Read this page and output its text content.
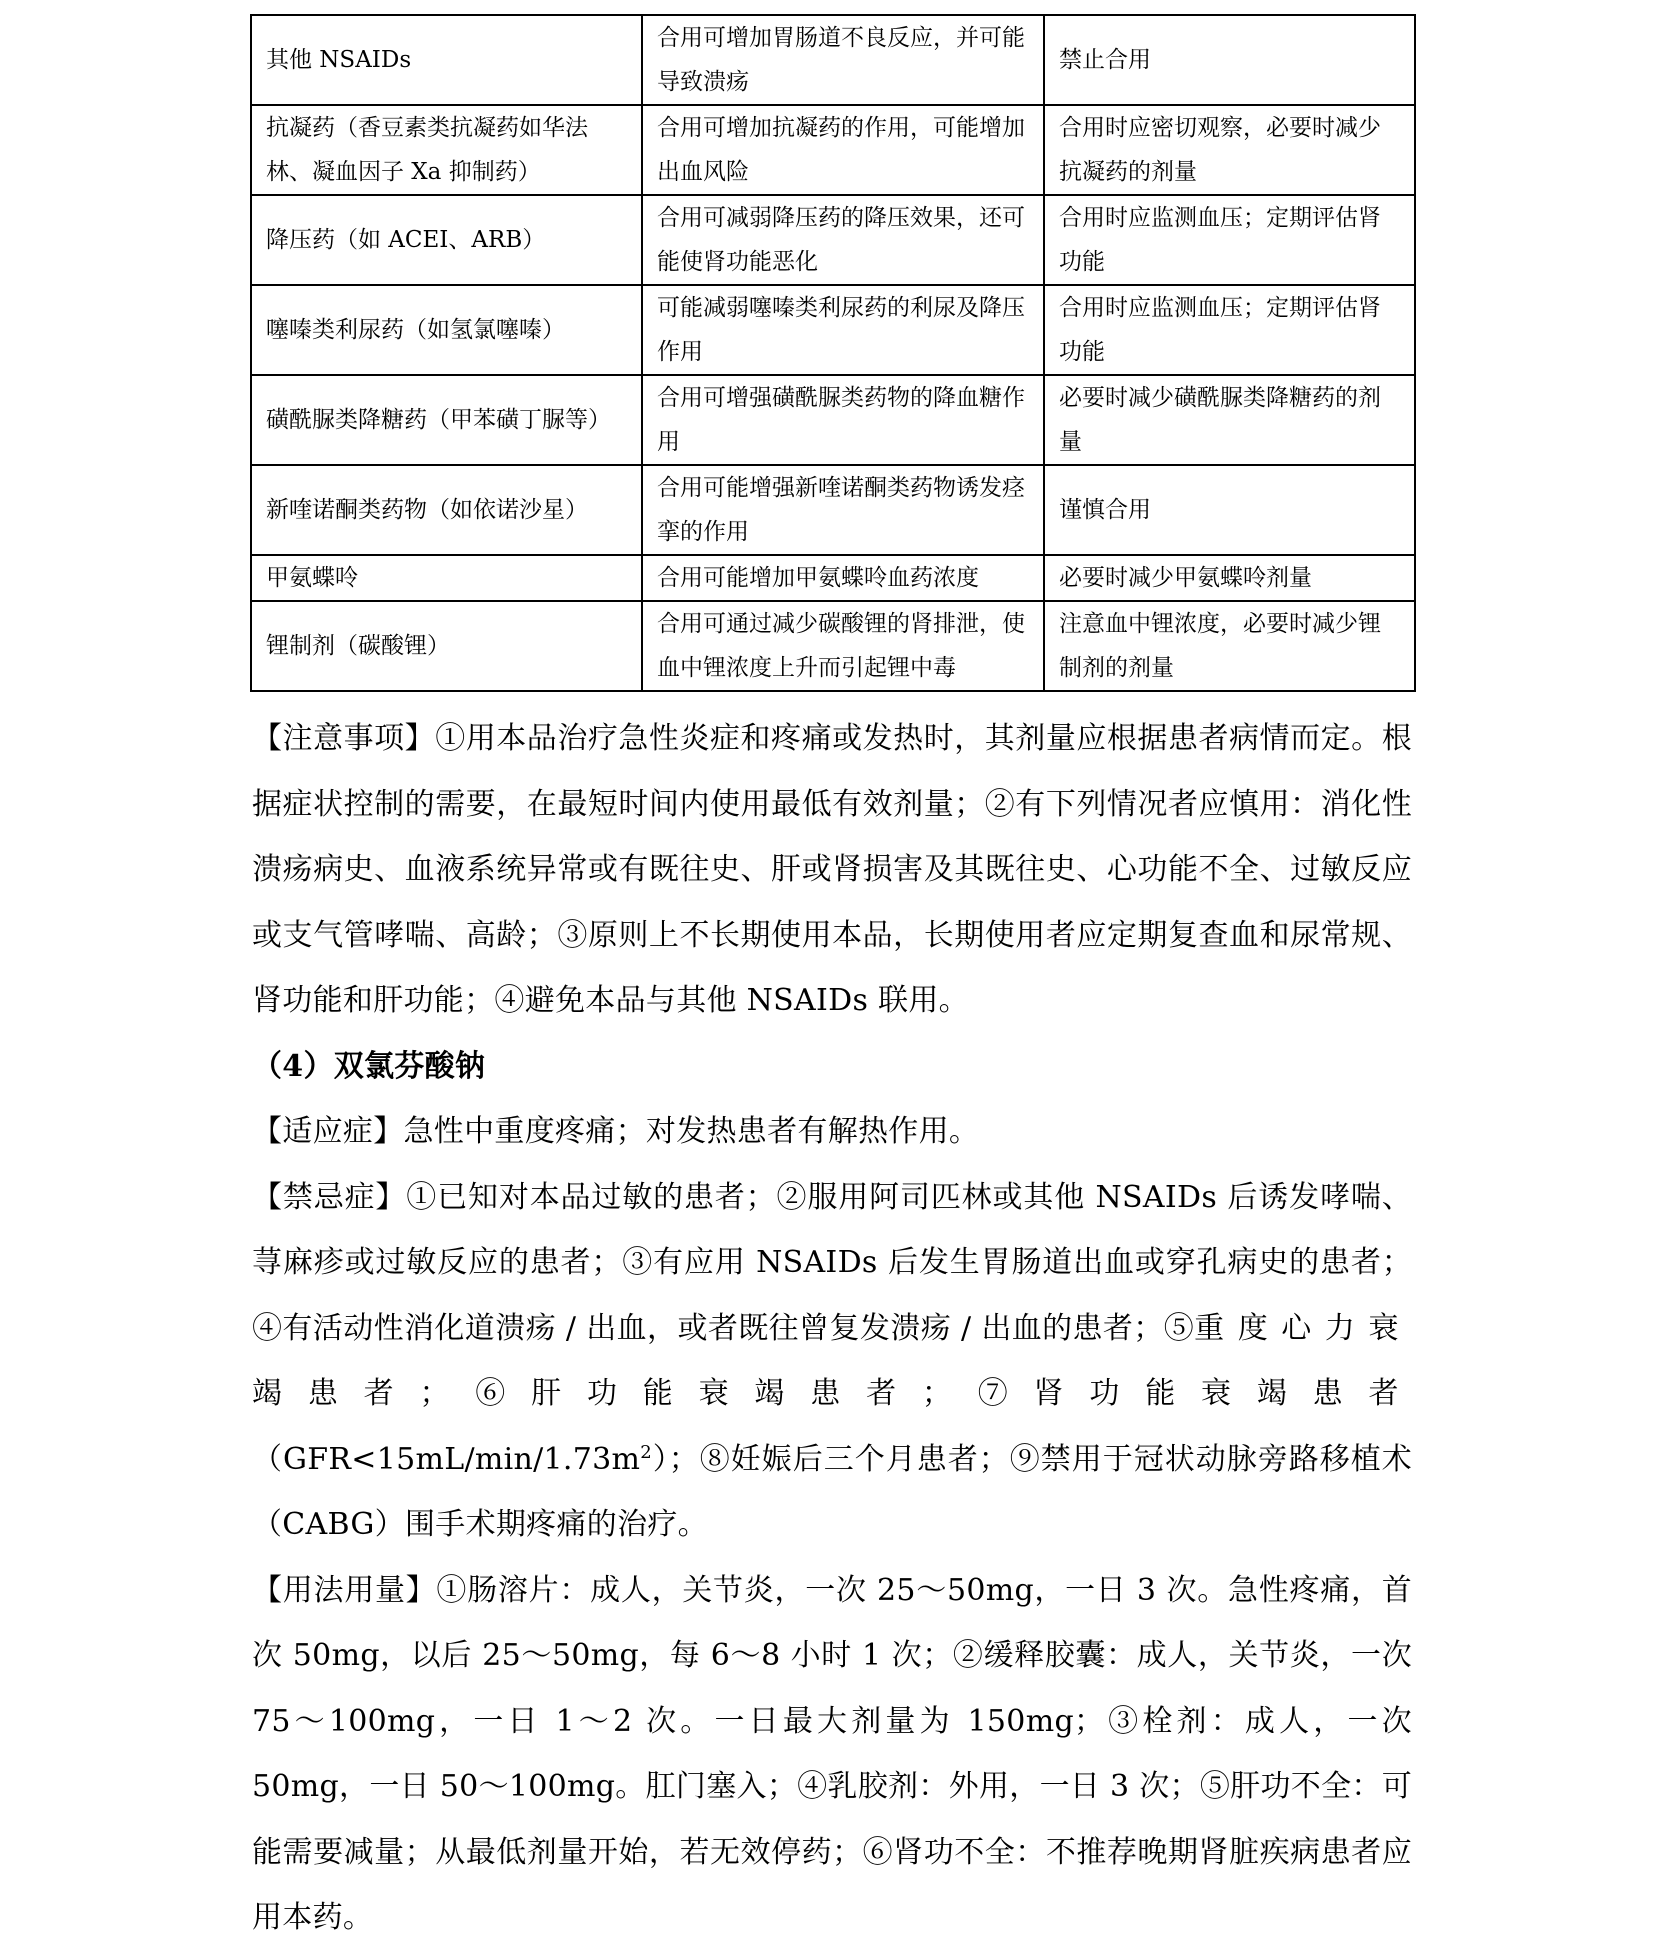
其他 NSAIDs	合用可增加胃肠道不良反应，并可能导致溃疡	禁止合用
抗凝药（香豆素类抗凝药如华法林、凝血因子 Xa 抑制药）	合用可增加抗凝药的作用，可能增加出血风险	合用时应密切观察，必要时减少抗凝药的剂量
降压药（如 ACEI、ARB）	合用可减弱降压药的降压效果，还可能使肾功能恶化	合用时应监测血压；定期评估肾功能
噻嗪类利尿药（如氢氯噻嗪）	可能减弱噻嗪类利尿药的利尿及降压作用	合用时应监测血压；定期评估肾功能
磺酰脲类降糖药（甲苯磺丁脲等）	合用可增强磺酰脲类药物的降血糖作用	必要时减少磺酰脲类降糖药的剂量
新喹诺酮类药物（如依诺沙星）	合用可能增强新喹诺酮类药物诱发痉挛的作用	谨慎合用
甲氨蝶呤	合用可能增加甲氨蝶呤血药浓度	必要时减少甲氨蝶呤剂量
锂制剂（碳酸锂）	合用可通过减少碳酸锂的肾排泄，使血中锂浓度上升而引起锂中毒	注意血中锂浓度，必要时减少锂制剂的剂量

【注意事项】①用本品治疗急性炎症和疼痛或发热时，其剂量应根据患者病情而定。根据症状控制的需要，在最短时间内使用最低有效剂量；②有下列情况者应慎用：消化性溃疡病史、血液系统异常或有既往史、肝或肾损害及其既往史、心功能不全、过敏反应或支气管哮喘、高龄；③原则上不长期使用本品，长期使用者应定期复查血和尿常规、肾功能和肝功能；④避免本品与其他 NSAIDs 联用。

（4）双氯芬酸钠

【适应症】急性中重度疼痛；对发热患者有解热作用。

【禁忌症】①已知对本品过敏的患者；②服用阿司匹林或其他 NSAIDs 后诱发哮喘、荨麻疹或过敏反应的患者；③有应用 NSAIDs 后发生胃肠道出血或穿孔病史的患者；④有活动性消化道溃疡 / 出血，或者既往曾复发溃疡 / 出血的患者；⑤重度心力衰竭患者；⑥肝功能衰竭患者；⑦肾功能衰竭患者$(GFR<15mL/\min/1.73m^2)$；⑧妊娠后三个月患者；⑨禁用于冠状动脉旁路移植术（CABG）围手术期疼痛的治疗。

【用法用量】①肠溶片：成人，关节炎，一次 25～50mg，一日 3 次。急性疼痛，首次 50mg，以后 25～50mg，每 6～8 小时 1 次；②缓释胶囊：成人，关节炎，一次 75～100mg，一日 1～2 次。一日最大剂量为 150mg；③栓剂：成人，一次 50mg，一日 50～100mg。肛门塞入；④乳胶剂：外用，一日 3 次；⑤肝功不全：可能需要减量；从最低剂量开始，若无效停药；⑥肾功不全：不推荐晚期肾脏疾病患者应用本药。
